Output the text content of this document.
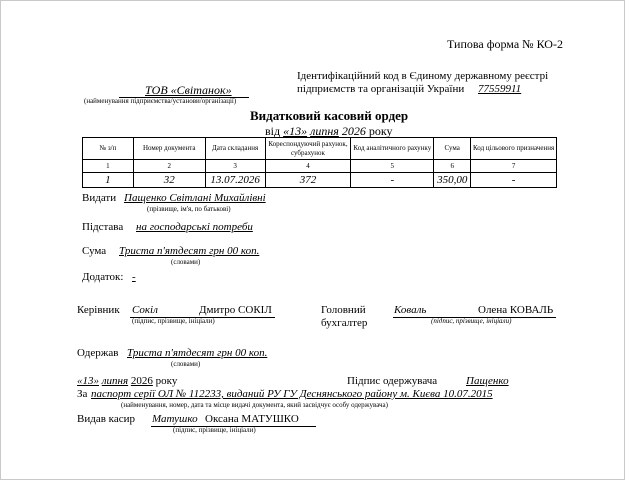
Типова форма № КО-2
ТОВ «Світанок»
(найменування підприємства/установи/організації)
Ідентифікаційний код в Єдиному державному реєстрі
підприємств та організацій України 77559911
Видатковий касовий ордер
від «13» липня 2026 року
№ з/п	Номер документа	Дата складання	Кореспондуючий рахунок, субрахунок	Код аналітичного рахунку	Сума	Код цільового призначення
1	2	3	4	5	6	7
1	32	13.07.2026	372	-	350,00	-
Видати Пащенко Світлані Михайлівні
(прізвище, ім'я, по батькові)
Підстава на господарські потреби
Сума Триста п'ятдесят грн 00 коп.
(словами)
Додаток: -
Керівник Сокіл	Дмитро СОКІЛ
(підпис, прізвище, ініціали)
Головний
бухгалтер
Коваль	Олена КОВАЛЬ
(підпис, прізвище, ініціали)
Одержав Триста п'ятдесят грн 00 коп.
(словами)
«13» липня 2026 року	Підпис одержувача	Пащенко
За паспорт серії ОЛ № 112233, виданий РУ ГУ Деснянського району м. Києва 10.07.2015
(найменування, номер, дата та місце видачі документа, який засвідчує особу одержувача)
Видав касир Матушко Оксана МАТУШКО
(підпис, прізвище, ініціали)
